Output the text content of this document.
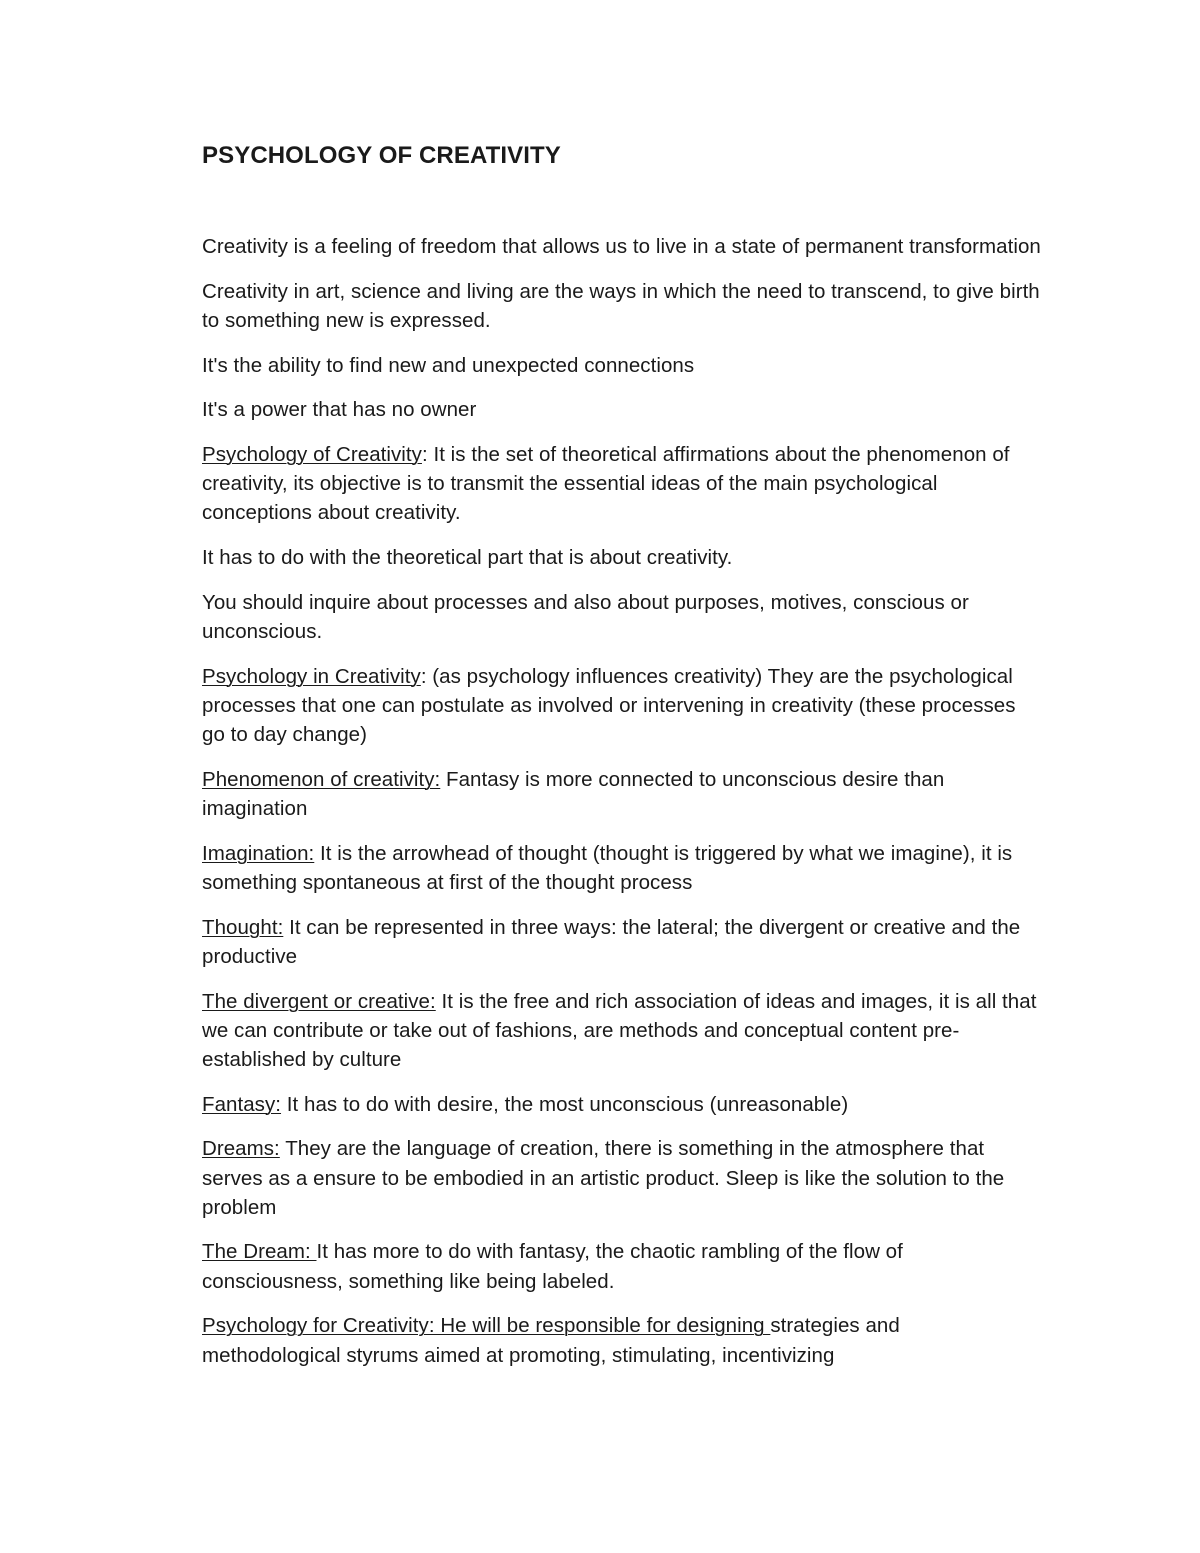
PSYCHOLOGY OF CREATIVITY

Creativity is a feeling of freedom that allows us to live in a state of permanent transformation

Creativity in art, science and living are the ways in which the need to transcend, to give birth to something new is expressed.

It's the ability to find new and unexpected connections

It's a power that has no owner

Psychology of Creativity: It is the set of theoretical affirmations about the phenomenon of creativity, its objective is to transmit the essential ideas of the main psychological conceptions about creativity.

It has to do with the theoretical part that is about creativity.

You should inquire about processes and also about purposes, motives, conscious or unconscious.

Psychology in Creativity: (as psychology influences creativity) They are the psychological processes that one can postulate as involved or intervening in creativity (these processes go to day change)

Phenomenon of creativity: Fantasy is more connected to unconscious desire than imagination

Imagination: It is the arrowhead of thought (thought is triggered by what we imagine), it is something spontaneous at first of the thought process

Thought: It can be represented in three ways: the lateral; the divergent or creative and the productive

The divergent or creative: It is the free and rich association of ideas and images, it is all that we can contribute or take out of fashions, are methods and conceptual content pre-established by culture

Fantasy: It has to do with desire, the most unconscious (unreasonable)

Dreams: They are the language of creation, there is something in the atmosphere that serves as a ensure to be embodied in an artistic product. Sleep is like the solution to the problem

The Dream: It has more to do with fantasy, the chaotic rambling of the flow of consciousness, something like being labeled.

Psychology for Creativity: He will be responsible for designing strategies and methodological styrums aimed at promoting, stimulating, incentivizing
